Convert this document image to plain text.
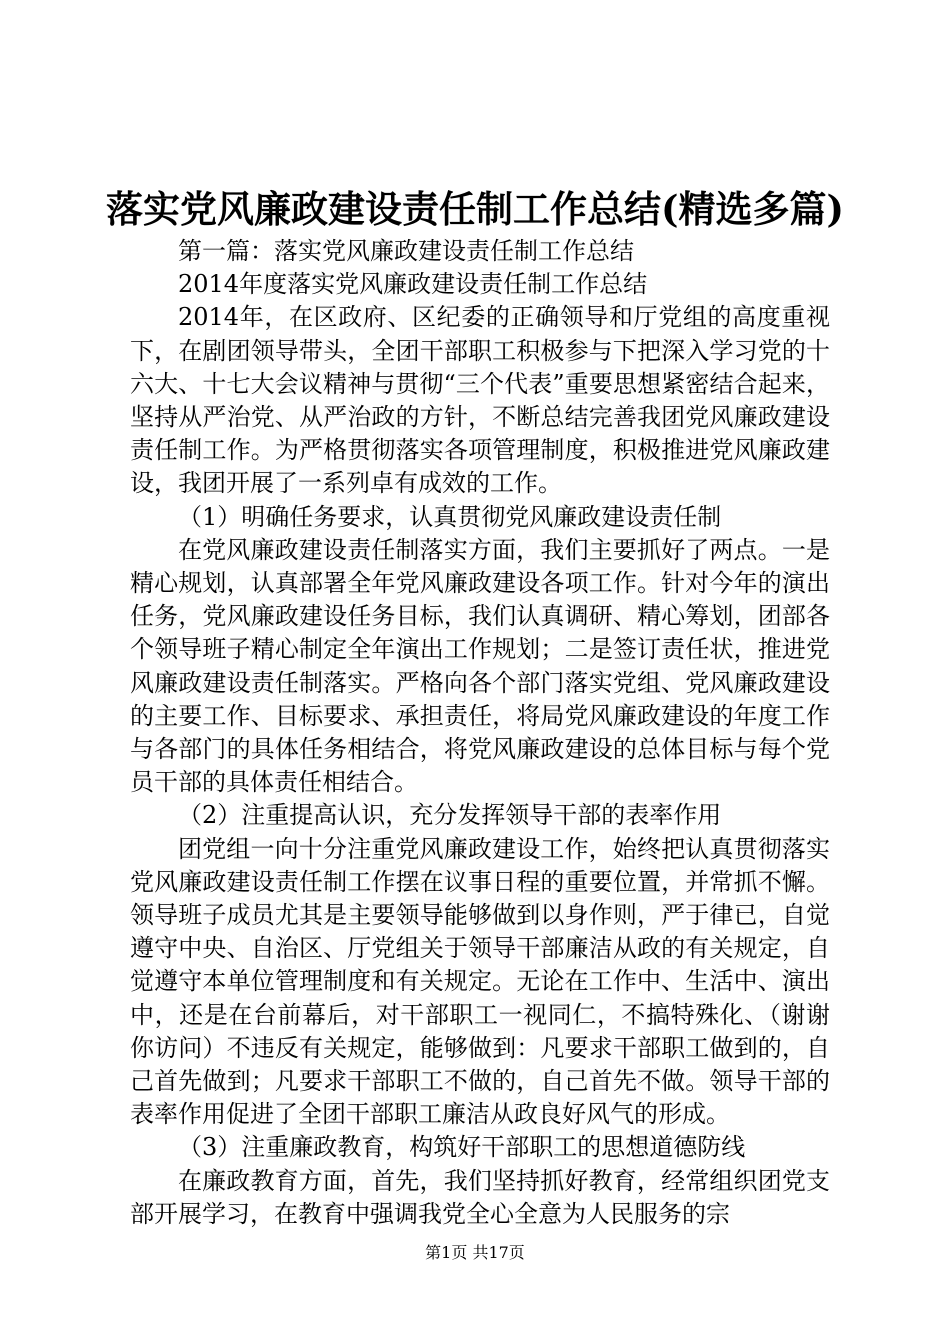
落实党风廉政建设责任制工作总结(精选多篇)

第一篇：落实党风廉政建设责任制工作总结

2014年度落实党风廉政建设责任制工作总结

2014年，在区政府、区纪委的正确领导和厅党组的高度重视下，在剧团领导带头，全团干部职工积极参与下把深入学习党的十六大、十七大会议精神与贯彻“三个代表”重要思想紧密结合起来，坚持从严治党、从严治政的方针，不断总结完善我团党风廉政建设责任制工作。为严格贯彻落实各项管理制度，积极推进党风廉政建设，我团开展了一系列卓有成效的工作。

（1）明确任务要求，认真贯彻党风廉政建设责任制

在党风廉政建设责任制落实方面，我们主要抓好了两点。一是精心规划，认真部署全年党风廉政建设各项工作。针对今年的演出任务，党风廉政建设任务目标，我们认真调研、精心筹划，团部各个领导班子精心制定全年演出工作规划；二是签订责任状，推进党风廉政建设责任制落实。严格向各个部门落实党组、党风廉政建设的主要工作、目标要求、承担责任，将局党风廉政建设的年度工作与各部门的具体任务相结合，将党风廉政建设的总体目标与每个党员干部的具体责任相结合。

（2）注重提高认识，充分发挥领导干部的表率作用

团党组一向十分注重党风廉政建设工作，始终把认真贯彻落实党风廉政建设责任制工作摆在议事日程的重要位置，并常抓不懈。领导班子成员尤其是主要领导能够做到以身作则，严于律已，自觉遵守中央、自治区、厅党组关于领导干部廉洁从政的有关规定，自觉遵守本单位管理制度和有关规定。无论在工作中、生活中、演出中，还是在台前幕后，对干部职工一视同仁，不搞特殊化、（谢谢你访问）不违反有关规定，能够做到：凡要求干部职工做到的，自己首先做到；凡要求干部职工不做的，自己首先不做。领导干部的表率作用促进了全团干部职工廉洁从政良好风气的形成。

（3）注重廉政教育，构筑好干部职工的思想道德防线

在廉政教育方面，首先，我们坚持抓好教育，经常组织团党支部开展学习，在教育中强调我党全心全意为人民服务的宗

第1页 共17页
